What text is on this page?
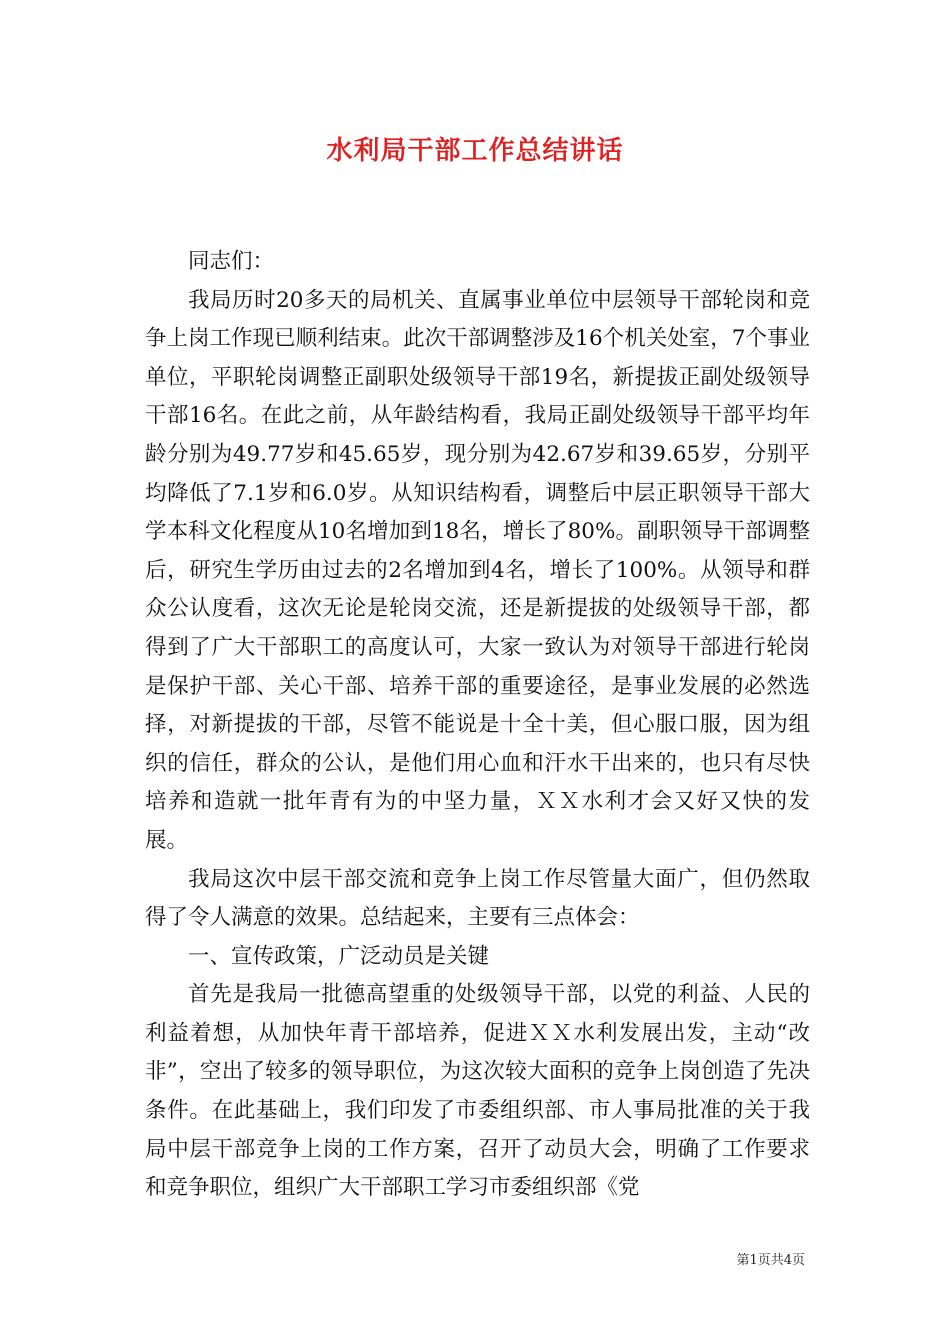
水利局干部工作总结讲话

同志们：

我局历时20多天的局机关、直属事业单位中层领导干部轮岗和竞争上岗工作现已顺利结束。此次干部调整涉及16个机关处室，7个事业单位，平职轮岗调整正副职处级领导干部19名，新提拔正副处级领导干部16名。在此之前，从年龄结构看，我局正副处级领导干部平均年龄分别为49.77岁和45.65岁，现分别为42.67岁和39.65岁，分别平均降低了7.1岁和6.0岁。从知识结构看，调整后中层正职领导干部大学本科文化程度从10名增加到18名，增长了80%。副职领导干部调整后，研究生学历由过去的2名增加到4名，增长了100%。从领导和群众公认度看，这次无论是轮岗交流，还是新提拔的处级领导干部，都得到了广大干部职工的高度认可，大家一致认为对领导干部进行轮岗是保护干部、关心干部、培养干部的重要途径，是事业发展的必然选择，对新提拔的干部，尽管不能说是十全十美，但心服口服，因为组织的信任，群众的公认，是他们用心血和汗水干出来的，也只有尽快培养和造就一批年青有为的中坚力量，ＸＸ水利才会又好又快的发展。

我局这次中层干部交流和竞争上岗工作尽管量大面广，但仍然取得了令人满意的效果。总结起来，主要有三点体会：

一、宣传政策，广泛动员是关键

首先是我局一批德高望重的处级领导干部，以党的利益、人民的利益着想，从加快年青干部培养，促进ＸＸ水利发展出发，主动“改非”，空出了较多的领导职位，为这次较大面积的竞争上岗创造了先决条件。在此基础上，我们印发了市委组织部、市人事局批准的关于我局中层干部竞争上岗的工作方案，召开了动员大会，明确了工作要求和竞争职位，组织广大干部职工学习市委组织部《党

第1页共4页
